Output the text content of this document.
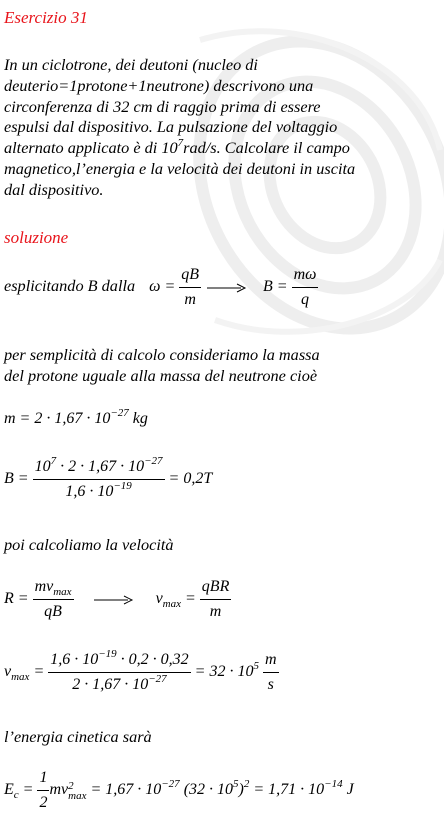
Esercizio 31
In un ciclotrone, dei deutoni (nucleo di
deuterio=1protone+1neutrone) descrivono una
circonferenza di 32 cm di raggio prima di essere
espulsi dal dispositivo. La pulsazione del voltaggio
alternato applicato è di $10^7rad/s$. Calcolare il campo
magnetico,l’energia e la velocità dei deutoni in uscita
dal dispositivo.
soluzione
esplicitando B dalla $\omega = \frac{qB}{m}$	$B = \frac{m\omega}{q}$
per semplicità di calcolo consideriamo la massa
del protone uguale alla massa del neutrone cioè
$m = 2 \cdot 1,67 \cdot 10^{-27}$ kg
$B = \frac{10^7 \cdot 2 \cdot 1,67 \cdot 10^{-27}}{1,6 \cdot 10^{-19}} = 0,2T$
poi calcoliamo la velocità
$R = \frac{mv_{max}}{qB}$	$v_{max} = \frac{\text{qBR}}{m}$
$v_{max} = \frac{1,6 \cdot 10^{-19} \cdot 0,2 \cdot 0,32}{2 \cdot 1,67 \cdot 10^{-27}} = 32 \cdot 10^5 \frac{m}{s}$
l’energia cinetica sarà
$E_c = \frac{1}{2}$ mv 2
$\max = 1,67 \cdot 10^{-27}$ $(32 \cdot 10^5)^2 = 1,71 \cdot 10^{-14}$ J
